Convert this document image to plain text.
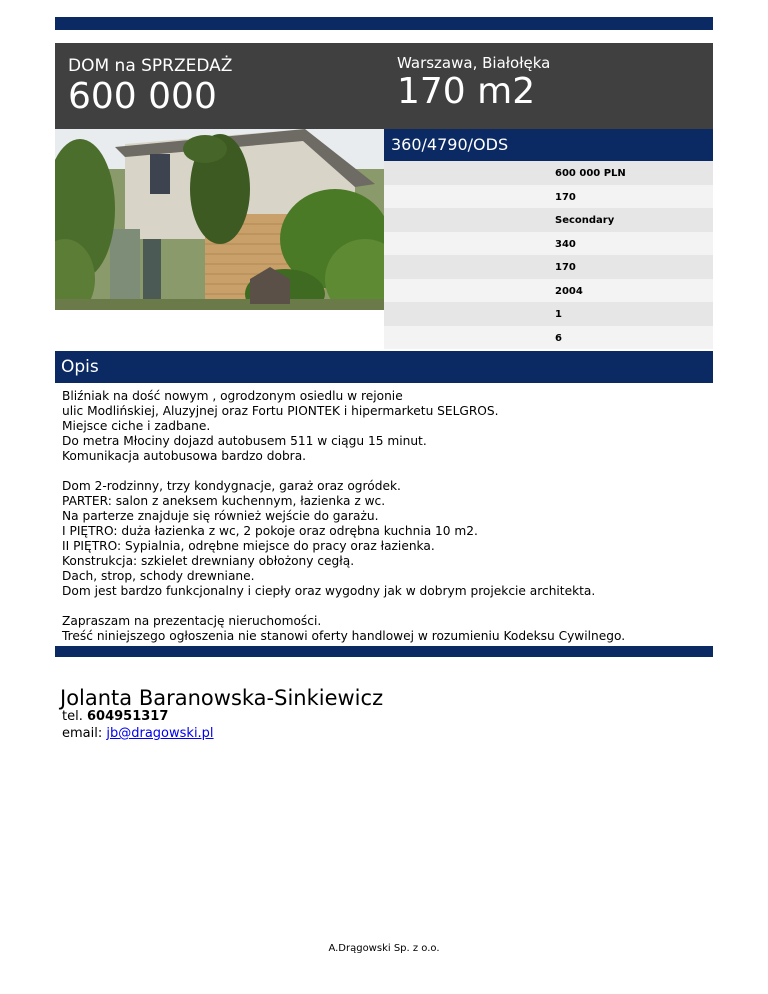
DOM na SPRZEDAŻ
600 000
Warszawa, Białołęka
170 m2
360/4790/ODS
600 000 PLN
170
Secondary
340
170
2004
1
6
Opis
Bliźniak na dość nowym , ogrodzonym osiedlu w rejonie
ulic Modlińskiej, Aluzyjnej oraz Fortu PIONTEK i hipermarketu SELGROS.
Miejsce ciche i zadbane.
Do metra Młociny dojazd autobusem 511 w ciągu 15 minut.
Komunikacja autobusowa bardzo dobra.
Dom 2-rodzinny, trzy kondygnacje, garaż oraz ogródek.
PARTER: salon z aneksem kuchennym, łazienka z wc.
Na parterze znajduje się również wejście do garażu.
I PIĘTRO: duża łazienka z wc, 2 pokoje oraz odrębna kuchnia 10 m2.
II PIĘTRO: Sypialnia, odrębne miejsce do pracy oraz łazienka.
Konstrukcja: szkielet drewniany obłożony cegłą.
Dach, strop, schody drewniane.
Dom jest bardzo funkcjonalny i ciepły oraz wygodny jak w dobrym projekcie architekta.
Zapraszam na prezentację nieruchomości.
Treść niniejszego ogłoszenia nie stanowi oferty handlowej w rozumieniu Kodeksu Cywilnego.
Jolanta Baranowska-Sinkiewicz
tel. 604951317
email: jb@dragowski.pl
A.Drągowski Sp. z o.o.
